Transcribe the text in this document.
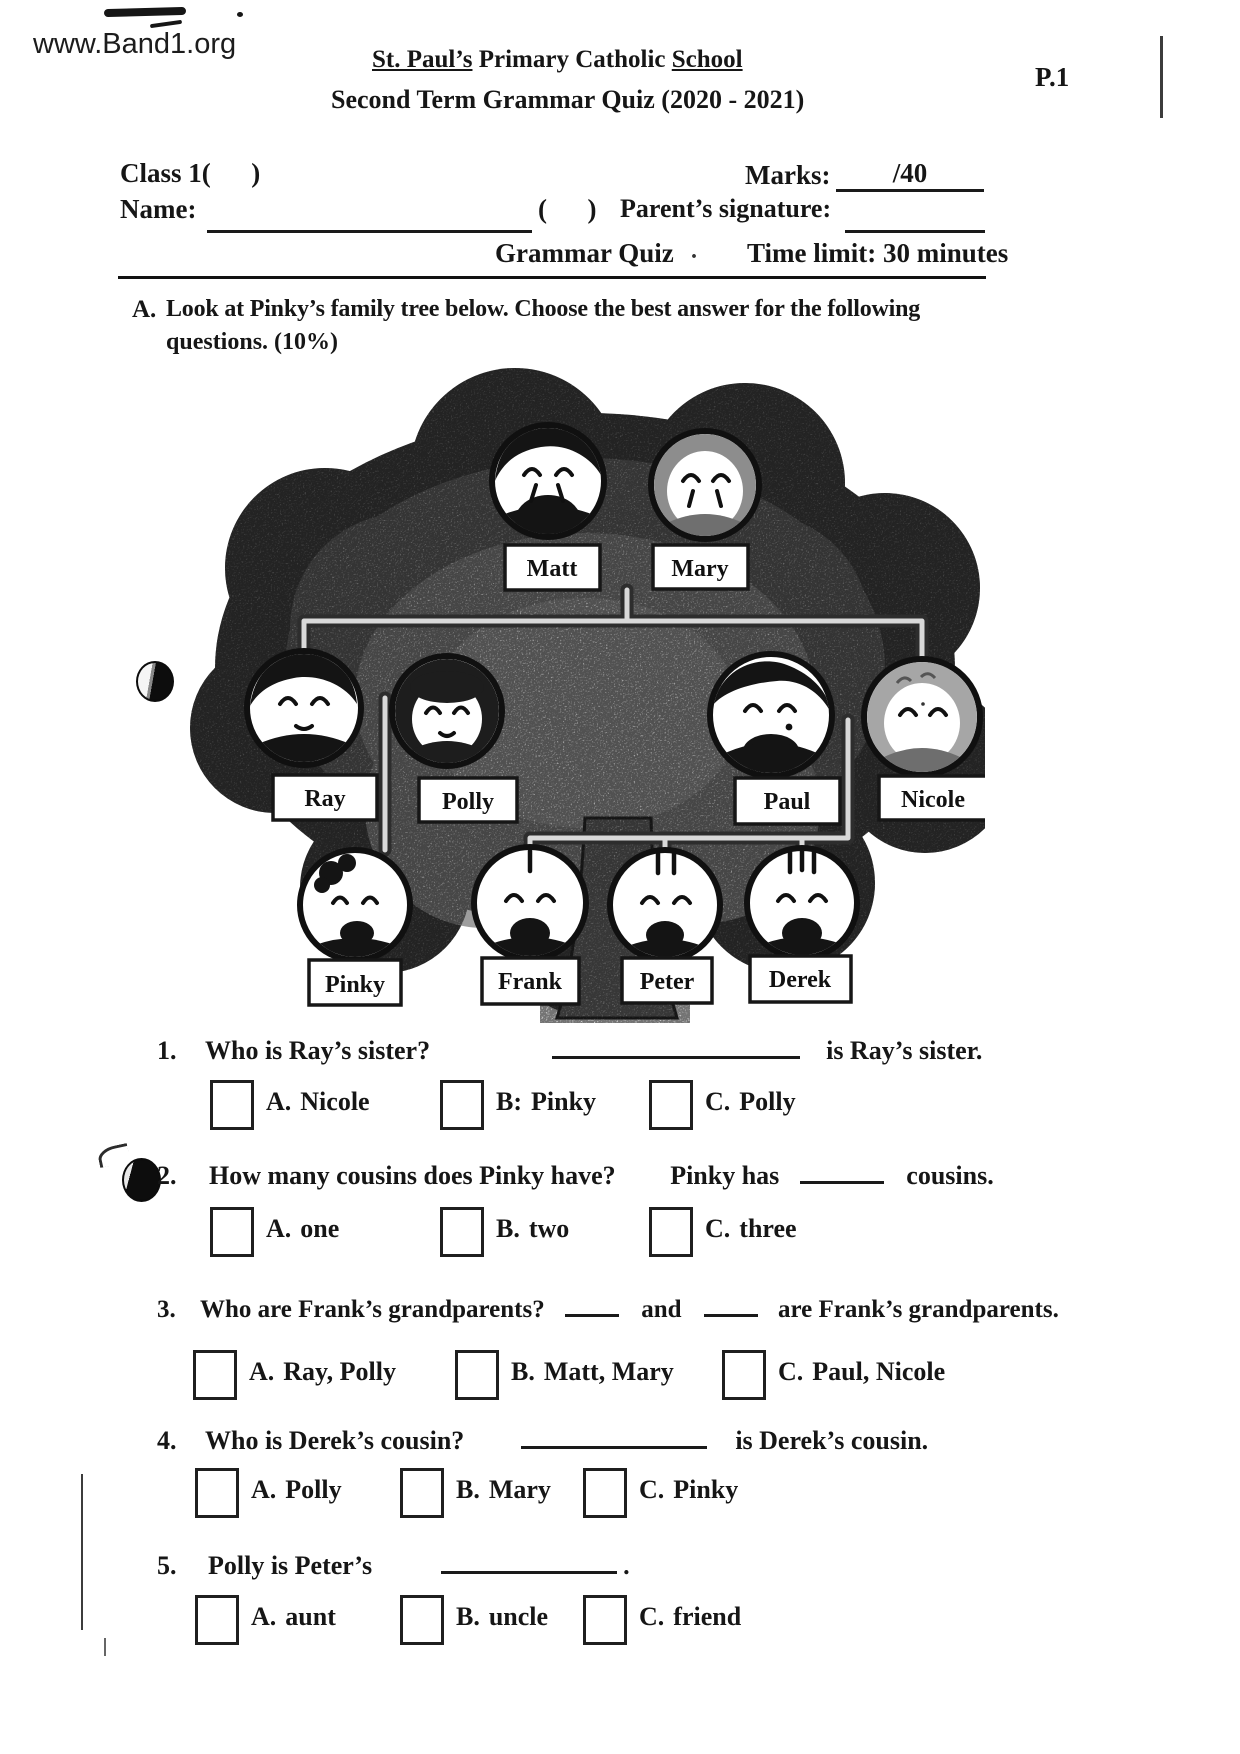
www.Band1.org
P.1
St. Paul’s Primary Catholic School
Second Term Grammar Quiz (2020 - 2021)
Class 1(      )	Marks:	/40
Name:	(      ) Parent’s signature:
Grammar Quiz · Time limit: 30 minutes
A. Look at Pinky’s family tree below. Choose the best answer for the following
questions. (10%)
Matt	Mary
Ray	Polly	Paul	Nicole
Pinky	Frank	Peter	Derek
1. Who is Ray’s sister?	is Ray’s sister.
A. Nicole	B: Pinky	C. Polly
2. How many cousins does Pinky have? Pinky has	cousins.
A. one	B. two	C. three
3. Who are Frank’s grandparents?	and	are Frank’s grandparents.
A. Ray, Polly	B. Matt, Mary	C. Paul, Nicole
4. Who is Derek’s cousin?	is Derek’s cousin.
A. Polly	B. Mary	C. Pinky
5. Polly is Peter’s	.
A. aunt	B. uncle	C. friend
